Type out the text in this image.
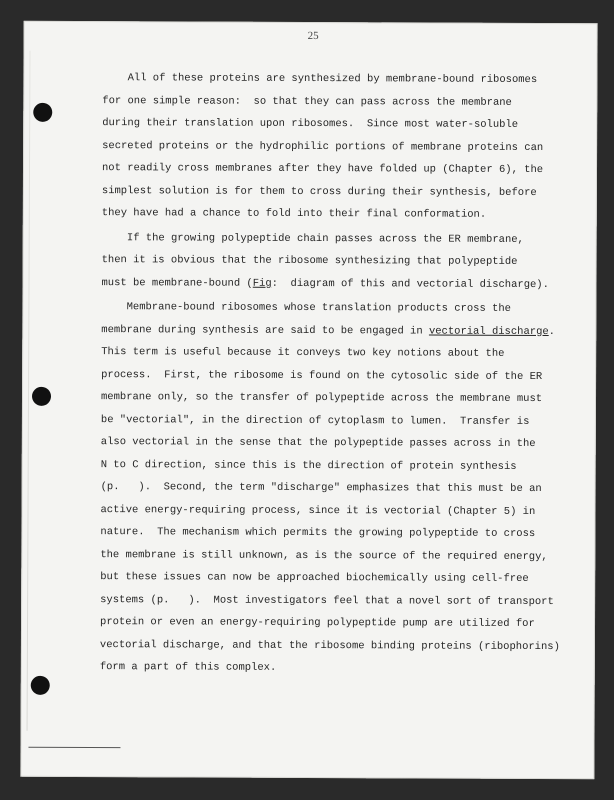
25
All of these proteins are synthesized by membrane-bound ribosomes
for one simple reason:  so that they can pass across the membrane
during their translation upon ribosomes.  Since most water-soluble
secreted proteins or the hydrophilic portions of membrane proteins can
not readily cross membranes after they have folded up (Chapter 6), the
simplest solution is for them to cross during their synthesis, before
they have had a chance to fold into their final conformation.
If the growing polypeptide chain passes across the ER membrane,
then it is obvious that the ribosome synthesizing that polypeptide
must be membrane-bound (Fig:  diagram of this and vectorial discharge).
Membrane-bound ribosomes whose translation products cross the
membrane during synthesis are said to be engaged in vectorial discharge.
This term is useful because it conveys two key notions about the
process.  First, the ribosome is found on the cytosolic side of the ER
membrane only, so the transfer of polypeptide across the membrane must
be "vectorial", in the direction of cytoplasm to lumen.  Transfer is
also vectorial in the sense that the polypeptide passes across in the
N to C direction, since this is the direction of protein synthesis
(p.   ).  Second, the term "discharge" emphasizes that this must be an
active energy-requiring process, since it is vectorial (Chapter 5) in
nature.  The mechanism which permits the growing polypeptide to cross
the membrane is still unknown, as is the source of the required energy,
but these issues can now be approached biochemically using cell-free
systems (p.   ).  Most investigators feel that a novel sort of transport
protein or even an energy-requiring polypeptide pump are utilized for
vectorial discharge, and that the ribosome binding proteins (ribophorins)
form a part of this complex.
